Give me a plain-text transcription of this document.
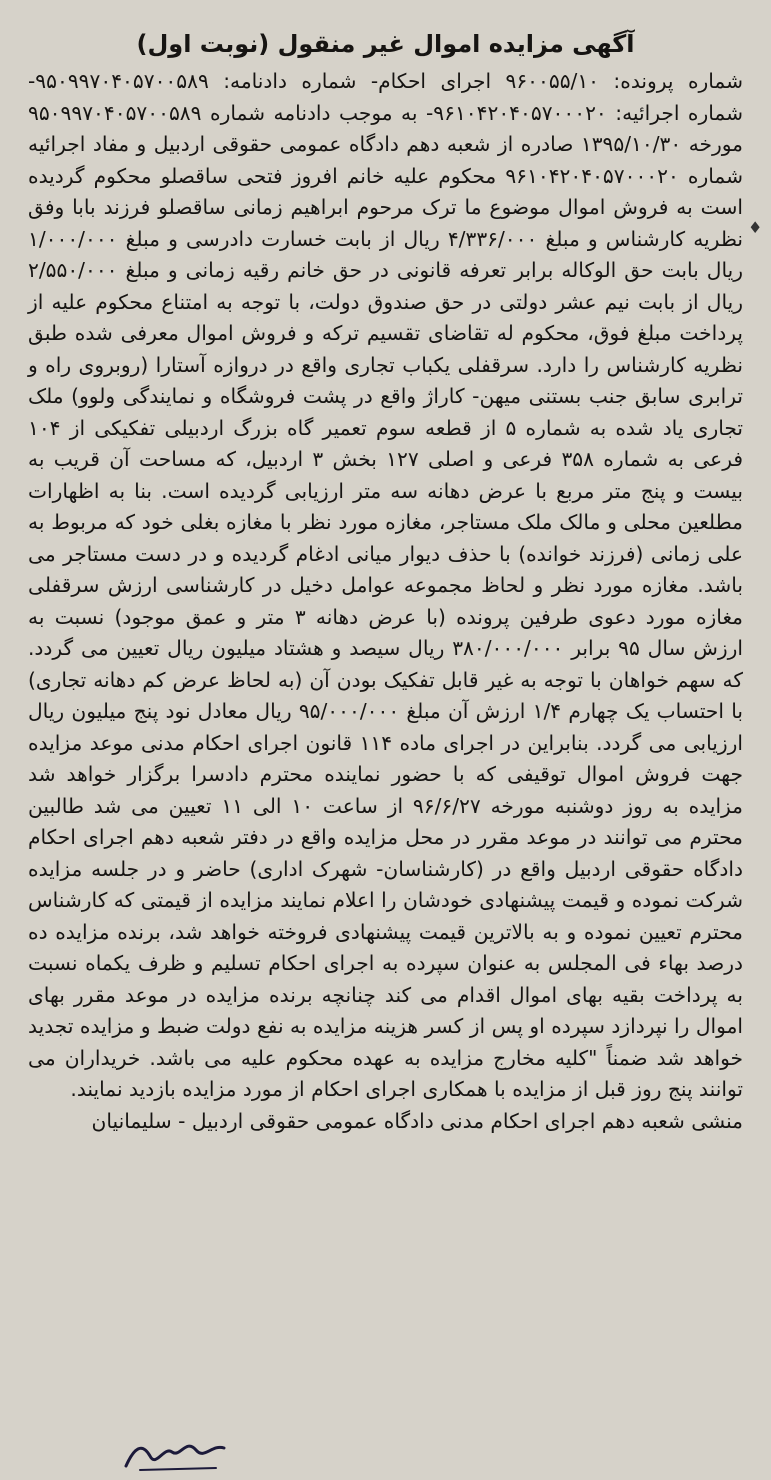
آگهی مزایده اموال غیر منقول (نوبت اول)

شماره پرونده: ۹۶۰۰۵۵/۱۰ اجرای احکام- شماره دادنامه: ۹۵۰۹۹۷۰۴۰۵۷۰۰۵۸۹- شماره اجرائیه: ۹۶۱۰۴۲۰۴۰۵۷۰۰۰۲۰- به موجب دادنامه شماره ۹۵۰۹۹۷۰۴۰۵۷۰۰۵۸۹ مورخه ۱۳۹۵/۱۰/۳۰ صادره از شعبه دهم دادگاه عمومی حقوقی اردبیل و مفاد اجرائیه شماره ۹۶۱۰۴۲۰۴۰۵۷۰۰۰۲۰ محکوم علیه خانم افروز فتحی ساقصلو محکوم گردیده است به فروش اموال موضوع ما ترک مرحوم ابراهیم زمانی ساقصلو فرزند بابا وفق نظریه کارشناس و مبلغ ۴/۳۳۶/۰۰۰ ریال از بابت خسارت دادرسی و مبلغ ۱/۰۰۰/۰۰۰ ریال بابت حق الوکاله برابر تعرفه قانونی در حق خانم رقیه زمانی و مبلغ ۲/۵۵۰/۰۰۰ ریال از بابت نیم عشر دولتی در حق صندوق دولت، با توجه به امتناع محکوم علیه از پرداخت مبلغ فوق، محکوم له تقاضای تقسیم ترکه و فروش اموال معرفی شده طبق نظریه کارشناس را دارد. سرقفلی یکباب تجاری واقع در دروازه آستارا (روبروی راه و ترابری سابق جنب بستنی میهن- کاراژ واقع در پشت فروشگاه و نمایندگی ولوو) ملک تجاری یاد شده به شماره ۵ از قطعه سوم تعمیر گاه بزرگ اردبیلی تفکیکی از ۱۰۴ فرعی به شماره ۳۵۸ فرعی و اصلی ۱۲۷ بخش ۳ اردبیل، که مساحت آن قریب به بیست و پنج متر مربع با عرض دهانه سه متر ارزیابی گردیده است. بنا به اظهارات مطلعین محلی و مالک ملک مستاجر، مغازه مورد نظر با مغازه بغلی خود که مربوط به علی زمانی (فرزند خوانده) با حذف دیوار میانی ادغام گردیده و در دست مستاجر می باشد. مغازه مورد نظر و لحاظ مجموعه عوامل دخیل در کارشناسی ارزش سرقفلی مغازه مورد دعوی طرفین پرونده (با عرض دهانه ۳ متر و عمق موجود) نسبت به ارزش سال ۹۵ برابر ۳۸۰/۰۰۰/۰۰۰ ریال سیصد و هشتاد میلیون ریال تعیین می گردد. که سهم خواهان با توجه به غیر قابل تفکیک بودن آن (به لحاظ عرض کم دهانه تجاری) با احتساب یک چهارم ۱/۴ ارزش آن مبلغ ۹۵/۰۰۰/۰۰۰ ریال معادل نود پنج میلیون ریال ارزیابی می گردد. بنابراین در اجرای ماده ۱۱۴ قانون اجرای احکام مدنی موعد مزایده جهت فروش اموال توقیفی که با حضور نماینده محترم دادسرا برگزار خواهد شد مزایده به روز دوشنبه مورخه ۹۶/۶/۲۷ از ساعت ۱۰ الی ۱۱ تعیین می شد طالبین محترم می توانند در موعد مقرر در محل مزایده واقع در دفتر شعبه دهم اجرای احکام دادگاه حقوقی اردبیل واقع در (کارشناسان- شهرک اداری) حاضر و در جلسه مزایده شرکت نموده و قیمت پیشنهادی خودشان را اعلام نمایند مزایده از قیمتی که کارشناس محترم تعیین نموده و به بالاترین قیمت پیشنهادی فروخته خواهد شد، برنده مزایده ده درصد بهاء فی المجلس به عنوان سپرده به اجرای احکام تسلیم و ظرف یکماه نسبت به پرداخت بقیه بهای اموال اقدام می کند چنانچه برنده مزایده در موعد مقرر بهای اموال را نپردازد سپرده او پس از کسر هزینه مزایده به نفع دولت ضبط و مزایده تجدید خواهد شد ضمناً "کلیه مخارج مزایده به عهده محکوم علیه می باشد. خریداران می توانند پنج روز قبل از مزایده با همکاری اجرای احکام از مورد مزایده بازدید نمایند.

منشی شعبه دهم اجرای احکام مدنی دادگاه عمومی حقوقی اردبیل - سلیمانیان

♦
